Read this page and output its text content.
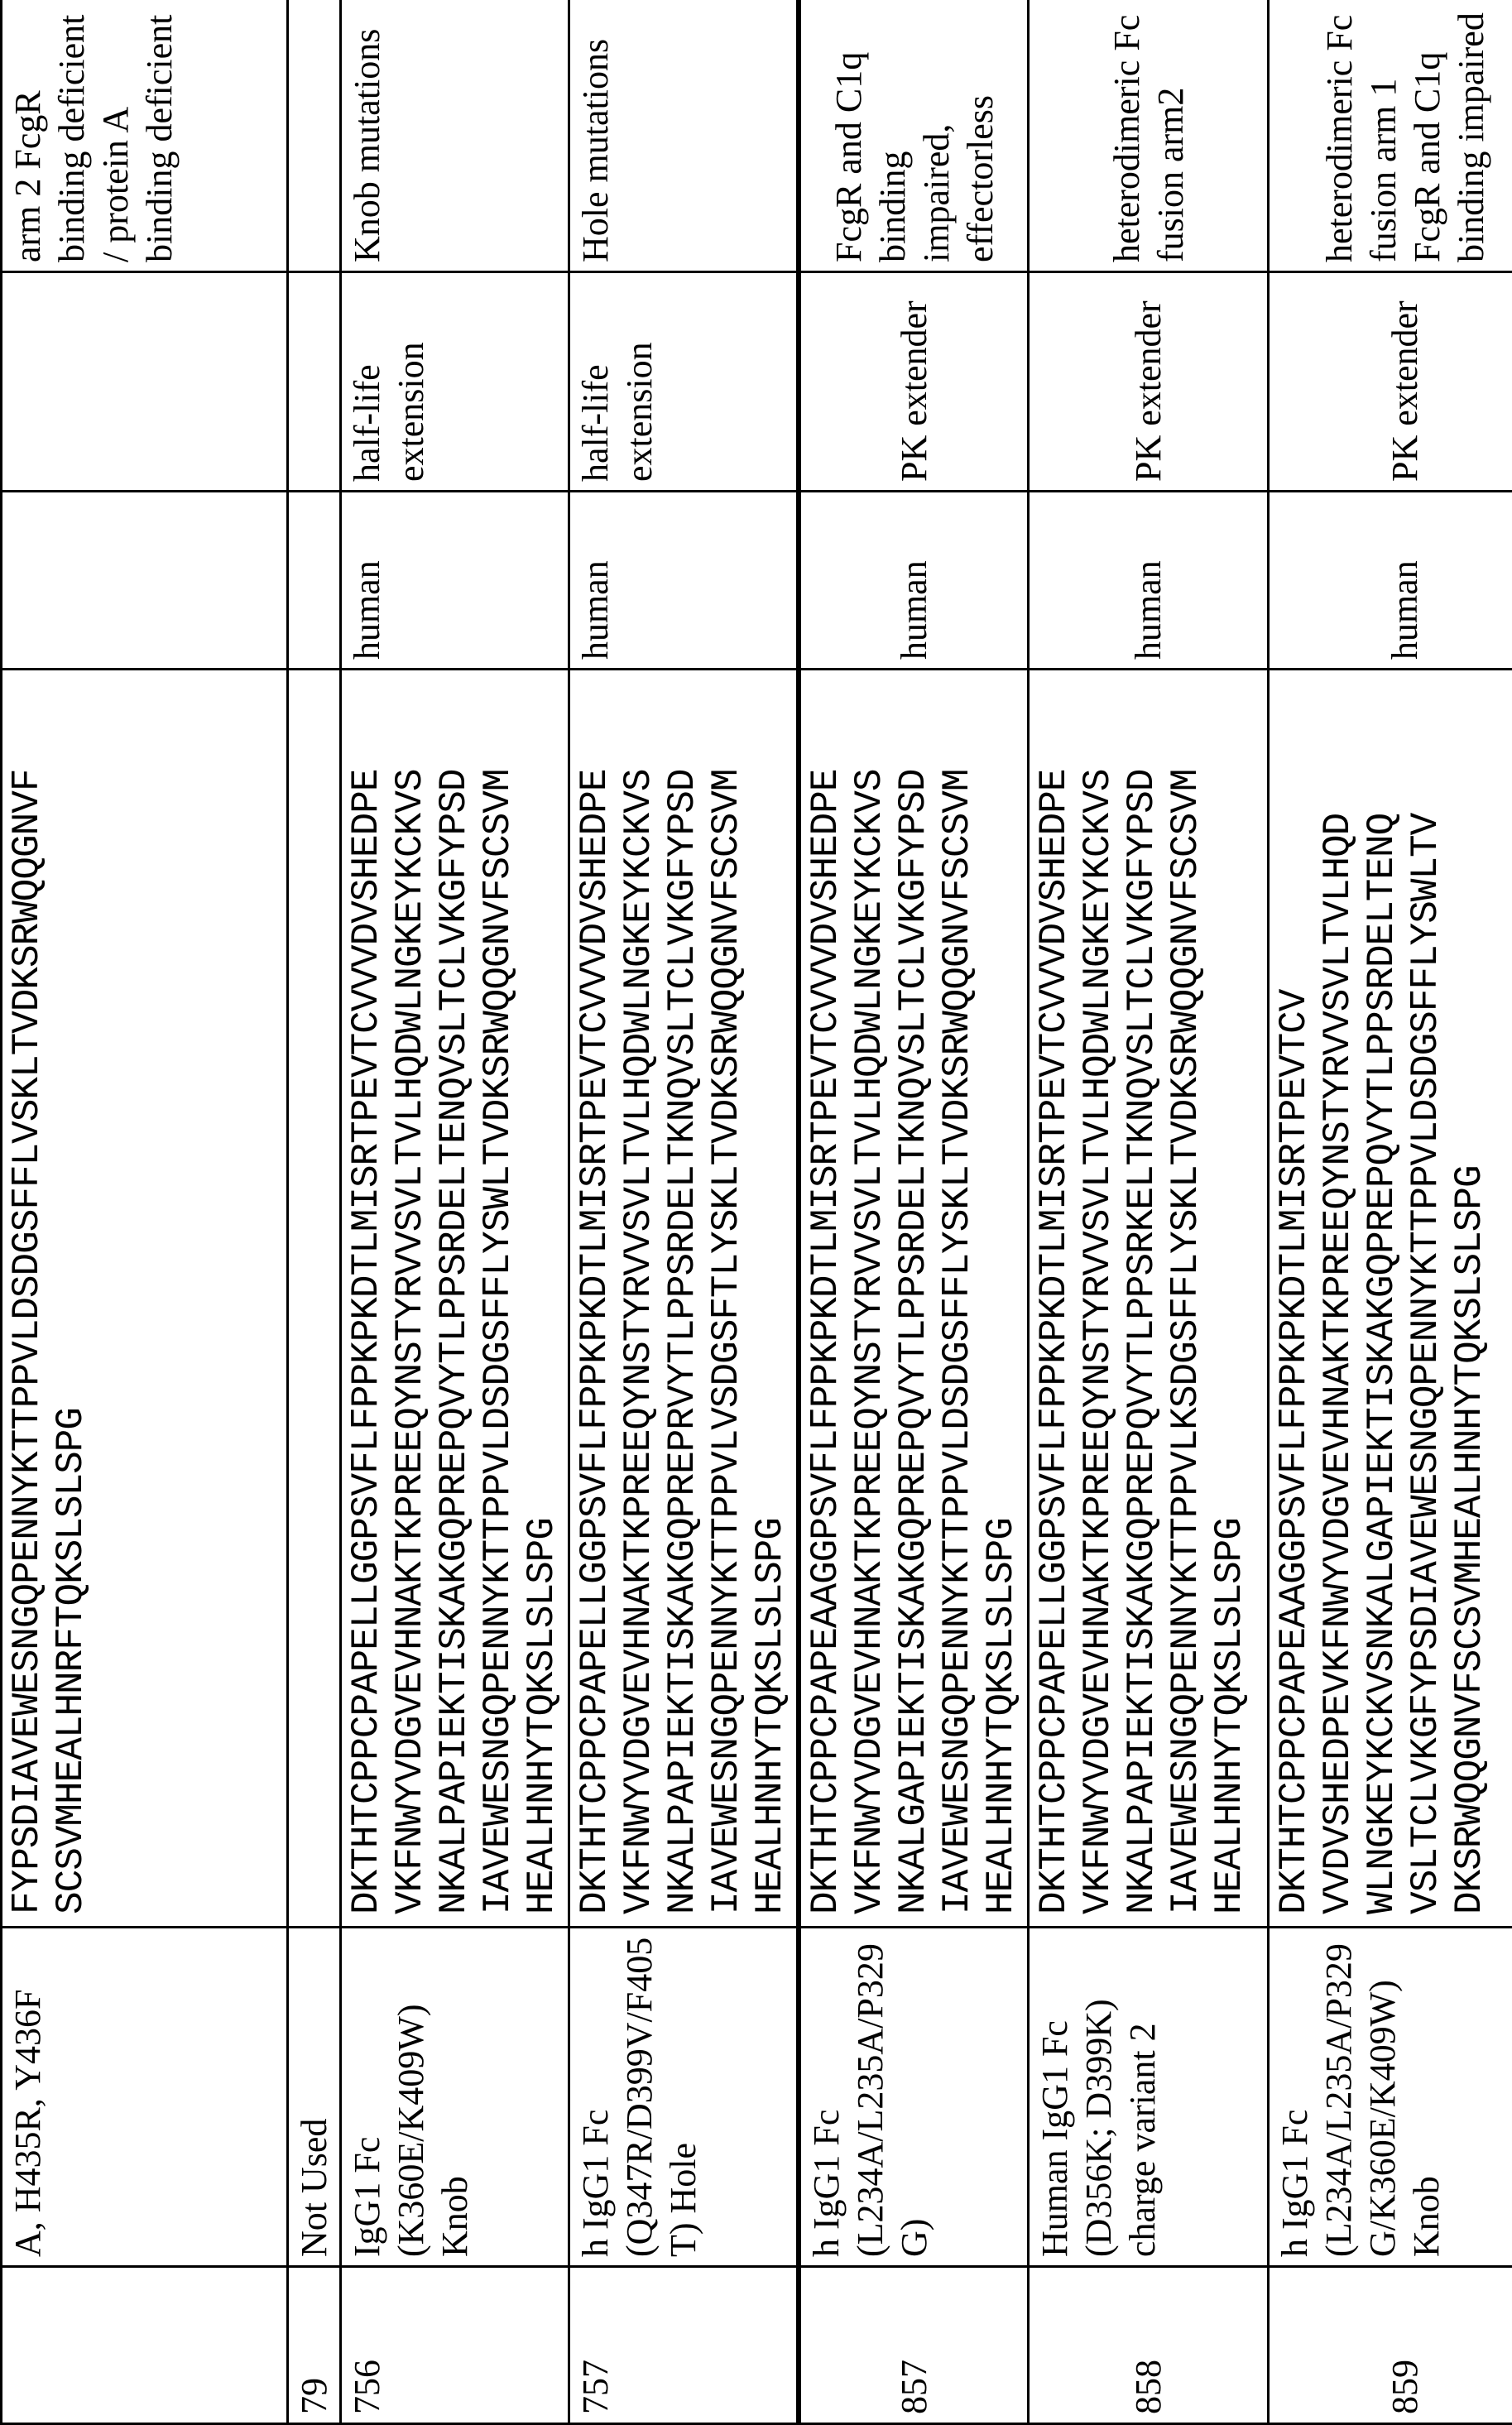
	A, H435R, Y436F	
FYPSDIAVEWESNGQPENNYKTTPPVLDSDGSFFLVSKLTVDKSRWQQGNVF SCSVMHEALHNRFTQKSLSLSPG
			arm 2 FcgR binding deficient / protein A binding deficient
79	Not Used				
756	IgG1 Fc (K360E/K409W) Knob	
DKTHTCPPCPAPELLGGPSVFLFPPKPKDTLMISRTPEVTCVVVDVSHEDPE VKFNWYVDGVEVHNAKTKPREEQYNSTYRVVSVLTVLHQDWLNGKEYKCKVS NKALPAPIEKTISKAKGQPREPQVYTLPPSRDELTENQVSLTCLVKGFYPSD IAVEWESNGQPENNYKTTPPVLDSDGSFFLYSWLTVDKSRWQQGNVFSCSVM HEALHNHYTQKSLSLSPG
	human	half-life extension	Knob mutations
757	h IgG1 Fc (Q347R/D399V/F405T) Hole	
DKTHTCPPCPAPELLGGPSVFLFPPKPKDTLMISRTPEVTCVVVDVSHEDPE VKFNWYVDGVEVHNAKTKPREEQYNSTYRVVSVLTVLHQDWLNGKEYKCKVS NKALPAPIEKTISKAKGQPREPRVYTLPPSRDELTKNQVSLTCLVKGFYPSD IAVEWESNGQPENNYKTTPPVLVSDGSFTLYSKLTVDKSRWQQGNVFSCSVM HEALHNHYTQKSLSLSPG
	human	half-life extension	Hole mutations
857	h IgG1 Fc (L234A/L235A/P329G)	
DKTHTCPPCPAPEAAGGPSVFLFPPKPKDTLMISRTPEVTCVVVDVSHEDPE VKFNWYVDGVEVHNAKTKPREEQYNSTYRVVSVLTVLHQDWLNGKEYKCKVS NKALGAPIEKTISKAKGQPREPQVYTLPPSRDELTKNQVSLTCLVKGFYPSD IAVEWESNGQPENNYKTTPPVLDSDGSFFLYSKLTVDKSRWQQGNVFSCSVM HEALHNHYTQKSLSLSPG
	human	PK extender	FcgR and C1q binding impaired, effectorless
858	Human IgG1 Fc (D356K; D399K) charge variant 2	
DKTHTCPPCPAPELLGGPSVFLFPPKPKDTLMISRTPEVTCVVVDVSHEDPE VKFNWYVDGVEVHNAKTKPREEQYNSTYRVVSVLTVLHQDWLNGKEYKCKVS NKALPAPIEKTISKAKGQPREPQVYTLPPSRKELTKNQVSLTCLVKGFYPSD IAVEWESNGQPENNYKTTPPVLKSDGSFFLYSKLTVDKSRWQQGNVFSCSVM HEALHNHYTQKSLSLSPG
	human	PK extender	heterodimeric Fc fusion arm2
859	h IgG1 Fc (L234A/L235A/P329G/K360E/K409W) Knob	
DKTHTCPPCPAPEAAGGPSVFLFPPKPKDTLMISRTPEVTCV VVDVSHEDPEVKFNWYVDGVEVHNAKTKPREEQYNSTYRVVSVLTVLHQD WLNGKEYKCKVSNKALGAPIEKTISKAKGQPREPQVYTLPPSRDELTENQ VSLTCLVKGFYPSDIAVEWESNGQPENNYKTTPPVLDSDGSFFLYSWLTV DKSRWQQGNVFSCSVMHEALHNHYTQKSLSLSPG
	human	PK extender	heterodimeric Fc fusion arm 1 FcgR and C1q binding impaired
